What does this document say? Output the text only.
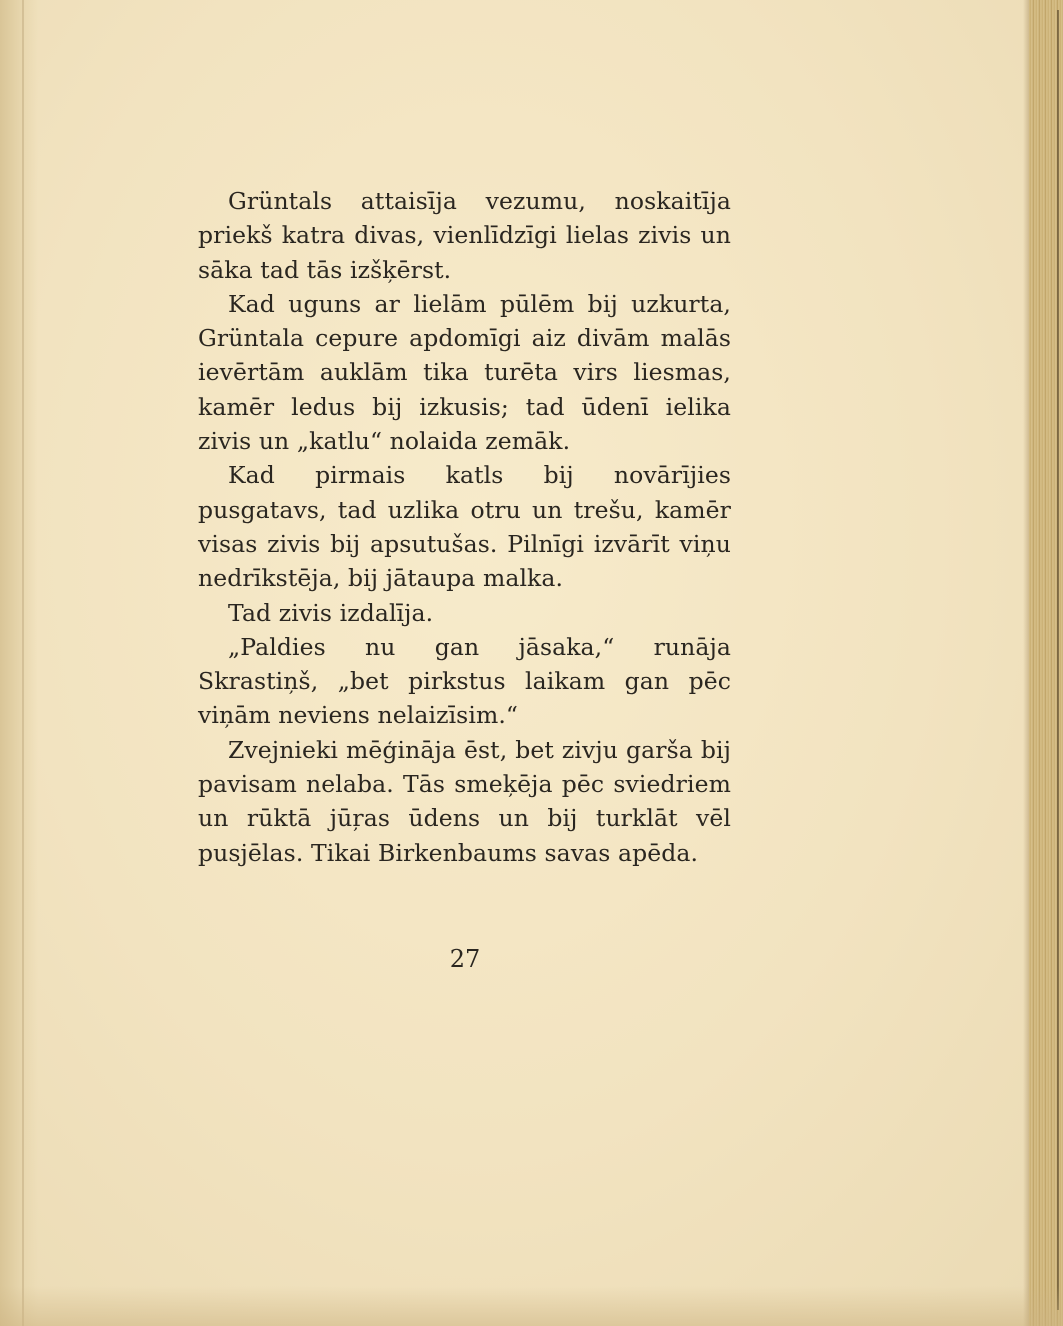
Grüntals attaisīja vezumu, noskaitīja priekš katra divas, vienlīdzīgi lielas zivis un sāka tad tās izšķērst.

Kad uguns ar lielām pūlēm bij uzkurta, Grüntala cepure apdomīgi aiz divām malās ievērtām auklām tika turēta virs liesmas, kamēr ledus bij izkusis; tad ūdenī ielika zivis un „katlu“ nolaida zemāk.

Kad pirmais katls bij novārījies pusgatavs, tad uzlika otru un trešu, kamēr visas zivis bij apsutušas. Pilnīgi izvārīt viņu nedrīkstēja, bij jātaupa malka.

Tad zivis izdalīja.

„Paldies nu gan jāsaka,“ runāja Skrastiņš, „bet pirkstus laikam gan pēc viņām neviens nelaizīsim.“

Zvejnieki mēģināja ēst, bet zivju garša bij pavisam nelaba. Tās smeķēja pēc sviedriem un rūktā jūŗas ūdens un bij turklāt vēl pusjēlas. Tikai Birkenbaums savas apēda.

27
